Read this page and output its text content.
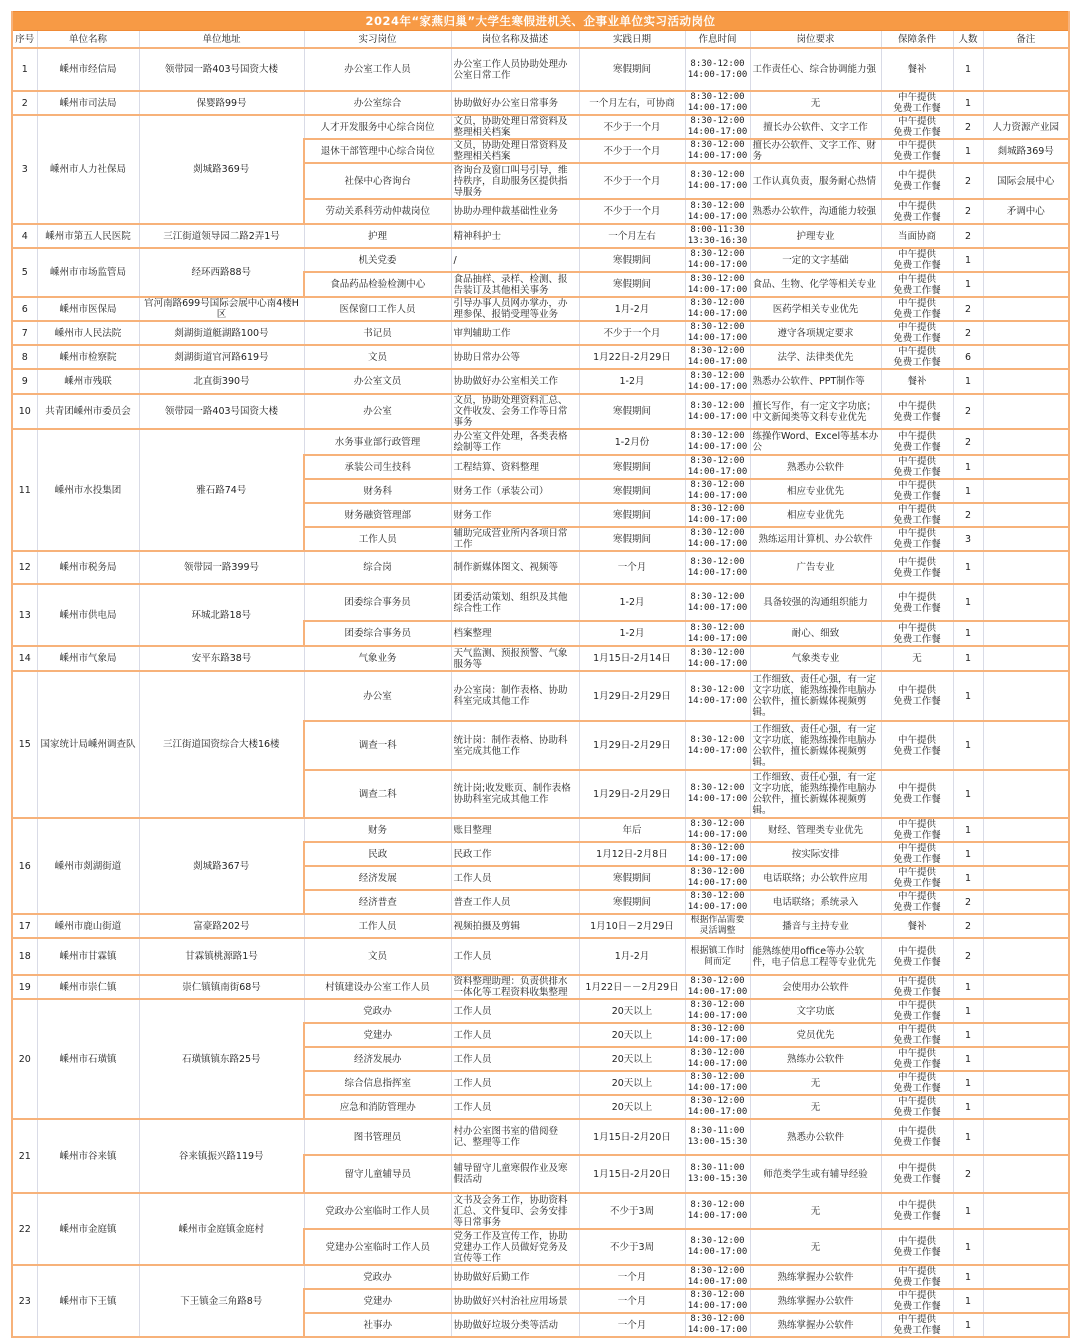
2024年“家燕归巢”大学生寒假进机关、企事业单位实习活动岗位										
序号	单位名称	单位地址	实习岗位	岗位名称及描述	实践日期	作息时间	岗位要求	保障条件	人数	备注
1	嵊州市经信局	领带园一路403号国资大楼	办公室工作人员	办公室工作人员协助处理办公室日常工作	寒假期间	8:30-12:00
14:00-17:00	工作责任心、综合协调能力强	餐补	1	
2	嵊州市司法局	保婴路99号	办公室综合	协助做好办公室日常事务	一个月左右，可协商	8:30-12:00
14:00-17:00	无	中午提供
免费工作餐	1	
3	嵊州市人力社保局	剡城路369号	人才开发服务中心综合岗位	文员，协助处理日常资料及整理相关档案	不少于一个月	8:30-12:00
14:00-17:00	擅长办公软件、文字工作	中午提供
免费工作餐	2	人力资源产业园
			退休干部管理中心综合岗位	文员，协助处理日常资料及整理相关档案	不少于一个月	8:30-12:00
14:00-17:00	擅长办公软件、文字工作、财务	中午提供
免费工作餐	1	剡城路369号
			社保中心咨询台	咨询台及窗口叫号引导，维持秩序，自助服务区提供指导服务	不少于一个月	8:30-12:00
14:00-17:00	工作认真负责，服务耐心热情	中午提供
免费工作餐	2	国际会展中心
			劳动关系科劳动仲裁岗位	协助办理仲裁基础性业务	不少于一个月	8:30-12:00
14:00-17:00	熟悉办公软件，沟通能力较强	中午提供
免费工作餐	2	矛调中心
4	嵊州市第五人民医院	三江街道领导园二路2弄1号	护理	精神科护士	一个月左右	8:00-11:30
13:30-16:30	护理专业	当面协商	2	
5	嵊州市市场监管局	经环西路88号	机关党委	/	寒假期间	8:30-12:00
14:00-17:00	一定的文字基础	中午提供
免费工作餐	1	
			食品药品检验检测中心	食品抽样、录样、检测、报告装订及其他相关事务	寒假期间	8:30-12:00
14:00-17:00	食品、生物、化学等相关专业	中午提供
免费工作餐	1	
6	嵊州市医保局	官河南路699号国际会展中心南4楼H区	医保窗口工作人员	引导办事人员网办掌办，办理参保、报销受理等业务	1月-2月	8:30-12:00
14:00-17:00	医药学相关专业优先	中午提供
免费工作餐	2	
7	嵊州市人民法院	剡湖街道艇湖路100号	书记员	审判辅助工作	不少于一个月	8:30-12:00
14:00-17:00	遵守各项规定要求	中午提供
免费工作餐	2	
8	嵊州市检察院	剡湖街道官河路619号	文员	协助日常办公等	1月22日-2月29日	8:30-12:00
14:00-17:00	法学、法律类优先	中午提供
免费工作餐	6	
9	嵊州市残联	北直街390号	办公室文员	协助做好办公室相关工作	1-2月	8:30-12:00
14:00-17:00	熟悉办公软件、PPT制作等	餐补	1	
10	共青团嵊州市委员会	领带园一路403号国资大楼	办公室	文员，协助处理资料汇总、文件收发、会务工作等日常事务	寒假期间	8:30-12:00
14:00-17:00	擅长写作，有一定文字功底；中文新闻类等文科专业优先	中午提供
免费工作餐	2	
11	嵊州市水投集团	雅石路74号	水务事业部行政管理	办公室文件处理，各类表格绘制等工作	1-2月份	8:30-12:00
14:00-17:00	练操作Word、Excel等基本办公	中午提供
免费工作餐	2	
			承装公司生技科	工程结算、资料整理	寒假期间	8:30-12:00
14:00-17:00	熟悉办公软件	中午提供
免费工作餐	1	
			财务科	财务工作（承装公司）	寒假期间	8:30-12:00
14:00-17:00	相应专业优先	中午提供
免费工作餐	1	
			财务融资管理部	财务工作	寒假期间	8:30-12:00
14:00-17:00	相应专业优先	中午提供
免费工作餐	2	
			工作人员	辅助完成营业所内各项日常工作	寒假期间	8:30-12:00
14:00-17:00	熟练运用计算机、办公软件	中午提供
免费工作餐	3	
12	嵊州市税务局	领带园一路399号	综合岗	制作新媒体图文、视频等	一个月	8:30-12:00
14:00-17:00	广告专业	中午提供
免费工作餐	1	
13	嵊州市供电局	环城北路18号	团委综合事务员	团委活动策划、组织及其他综合性工作	1-2月	8:30-12:00
14:00-17:00	具备较强的沟通组织能力	中午提供
免费工作餐	1	
			团委综合事务员	档案整理	1-2月	8:30-12:00
14:00-17:00	耐心、细致	中午提供
免费工作餐	1	
14	嵊州市气象局	安平东路38号	气象业务	天气监测、预报预警、气象服务等	1月15日-2月14日	8:30-12:00
14:00-17:00	气象类专业	无	1	
15	国家统计局嵊州调查队	三江街道国资综合大楼16楼	办公室	办公室岗：制作表格、协助科室完成其他工作	1月29日-2月29日	8:30-12:00
14:00-17:00	工作细致、责任心强，有一定文字功底，能熟练操作电脑办公软件，擅长新媒体视频剪辑。	中午提供
免费工作餐	1	
			调查一科	统计岗：制作表格、协助科室完成其他工作	1月29日-2月29日	8:30-12:00
14:00-17:00	工作细致、责任心强，有一定文字功底，能熟练操作电脑办公软件，擅长新媒体视频剪辑。	中午提供
免费工作餐	1	
			调查二科	统计岗;收发账页、制作表格协助科室完成其他工作	1月29日-2月29日	8:30-12:00
14:00-17:00	工作细致、责任心强，有一定文字功底，能熟练操作电脑办公软件，擅长新媒体视频剪辑。	中午提供
免费工作餐	1	
16	嵊州市剡湖街道	剡城路367号	财务	账目整理	年后	8:30-12:00
14:00-17:00	财经、管理类专业优先	中午提供
免费工作餐	1	
			民政	民政工作	1月12日-2月8日	8:30-12:00
14:00-17:00	按实际安排	中午提供
免费工作餐	1	
			经济发展	工作人员	寒假期间	8:30-12:00
14:00-17:00	电话联络；办公软件应用	中午提供
免费工作餐	1	
			经济普查	普查工作人员	寒假期间	8:30-12:00
14:00-17:00	电话联络；系统录入	中午提供
免费工作餐	2	
17	嵊州市鹿山街道	富豪路202号	工作人员	视频拍摄及剪辑	1月10日－2月29日	根据作品需要灵活调整	播音与主持专业	餐补	2	
18	嵊州市甘霖镇	甘霖镇桃源路1号	文员	工作人员	1月-2月	根据镇工作时间而定	能熟练使用office等办公软件，电子信息工程等专业优先	中午提供
免费工作餐	2	
19	嵊州市崇仁镇	崇仁镇镇南街68号	村镇建设办公室工作人员	资料整理助理：负责供排水一体化等工程资料收集整理	1月22日－－2月29日	8:30-12:00
14:00-17:00	会使用办公软件	中午提供
免费工作餐	1	
20	嵊州市石璜镇	石璜镇镇东路25号	党政办	工作人员	20天以上	8:30-12:00
14:00-17:00	文字功底	中午提供
免费工作餐	1	
			党建办	工作人员	20天以上	8:30-12:00
14:00-17:00	党员优先	中午提供
免费工作餐	1	
			经济发展办	工作人员	20天以上	8:30-12:00
14:00-17:00	熟练办公软件	中午提供
免费工作餐	1	
			综合信息指挥室	工作人员	20天以上	8:30-12:00
14:00-17:00	无	中午提供
免费工作餐	1	
			应急和消防管理办	工作人员	20天以上	8:30-12:00
14:00-17:00	无	中午提供
免费工作餐	1	
21	嵊州市谷来镇	谷来镇振兴路119号	图书管理员	村办公室图书室的借阅登记、整理等工作	1月15日-2月20日	8:30-11:00
13:00-15:30	熟悉办公软件	中午提供
免费工作餐	1	
			留守儿童辅导员	辅导留守儿童寒假作业及寒假活动	1月15日-2月20日	8:30-11:00
13:00-15:30	师范类学生或有辅导经验	中午提供
免费工作餐	2	
22	嵊州市金庭镇	嵊州市金庭镇金庭村	党政办公室临时工作人员	文书及会务工作，协助资料汇总、文件复印、会务安排等日常事务	不少于3周	8:30-12:00
14:00-17:00	无	中午提供
免费工作餐	1	
			党建办公室临时工作人员	党务工作及宣传工作，协助党建办工作人员做好党务及宣传等工作	不少于3周	8:30-12:00
14:00-17:00	无	中午提供
免费工作餐	1	
23	嵊州市下王镇	下王镇金三角路8号	党政办	协助做好后勤工作	一个月	8:30-12:00
14:00-17:00	熟练掌握办公软件	中午提供
免费工作餐	1	
			党建办	协助做好兴村治社应用场景	一个月	8:30-12:00
14:00-17:00	熟练掌握办公软件	中午提供
免费工作餐	1	
			社事办	协助做好垃圾分类等活动	一个月	8:30-12:00
14:00-17:00	熟练掌握办公软件	中午提供
免费工作餐	1	
